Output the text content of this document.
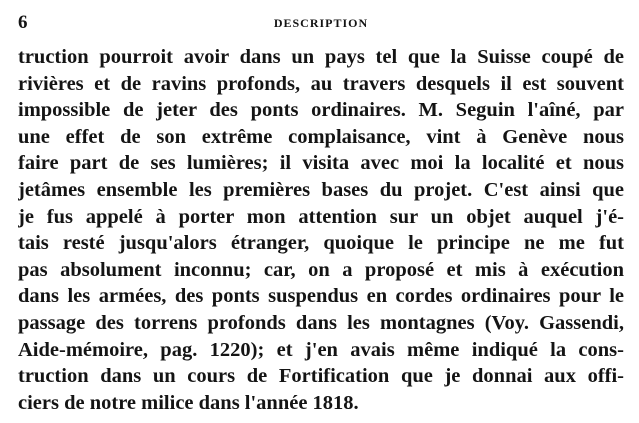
6	DESCRIPTION
truction pourroit avoir dans un pays tel que la Suisse coupé de
rivières et de ravins profonds, au travers desquels il est souvent
impossible de jeter des ponts ordinaires. M. Seguin l'aîné, par
une effet de son extrême complaisance, vint à Genève nous
faire part de ses lumières; il visita avec moi la localité et nous
jetâmes ensemble les premières bases du projet. C'est ainsi que
je fus appelé à porter mon attention sur un objet auquel j'é-
tais resté jusqu'alors étranger, quoique le principe ne me fut
pas absolument inconnu; car, on a proposé et mis à exécution
dans les armées, des ponts suspendus en cordes ordinaires pour le
passage des torrens profonds dans les montagnes (Voy. Gassendi,
Aide-mémoire, pag. 1220); et j'en avais même indiqué la cons-
truction dans un cours de Fortification que je donnai aux offi-
ciers de notre milice dans l'année 1818.
